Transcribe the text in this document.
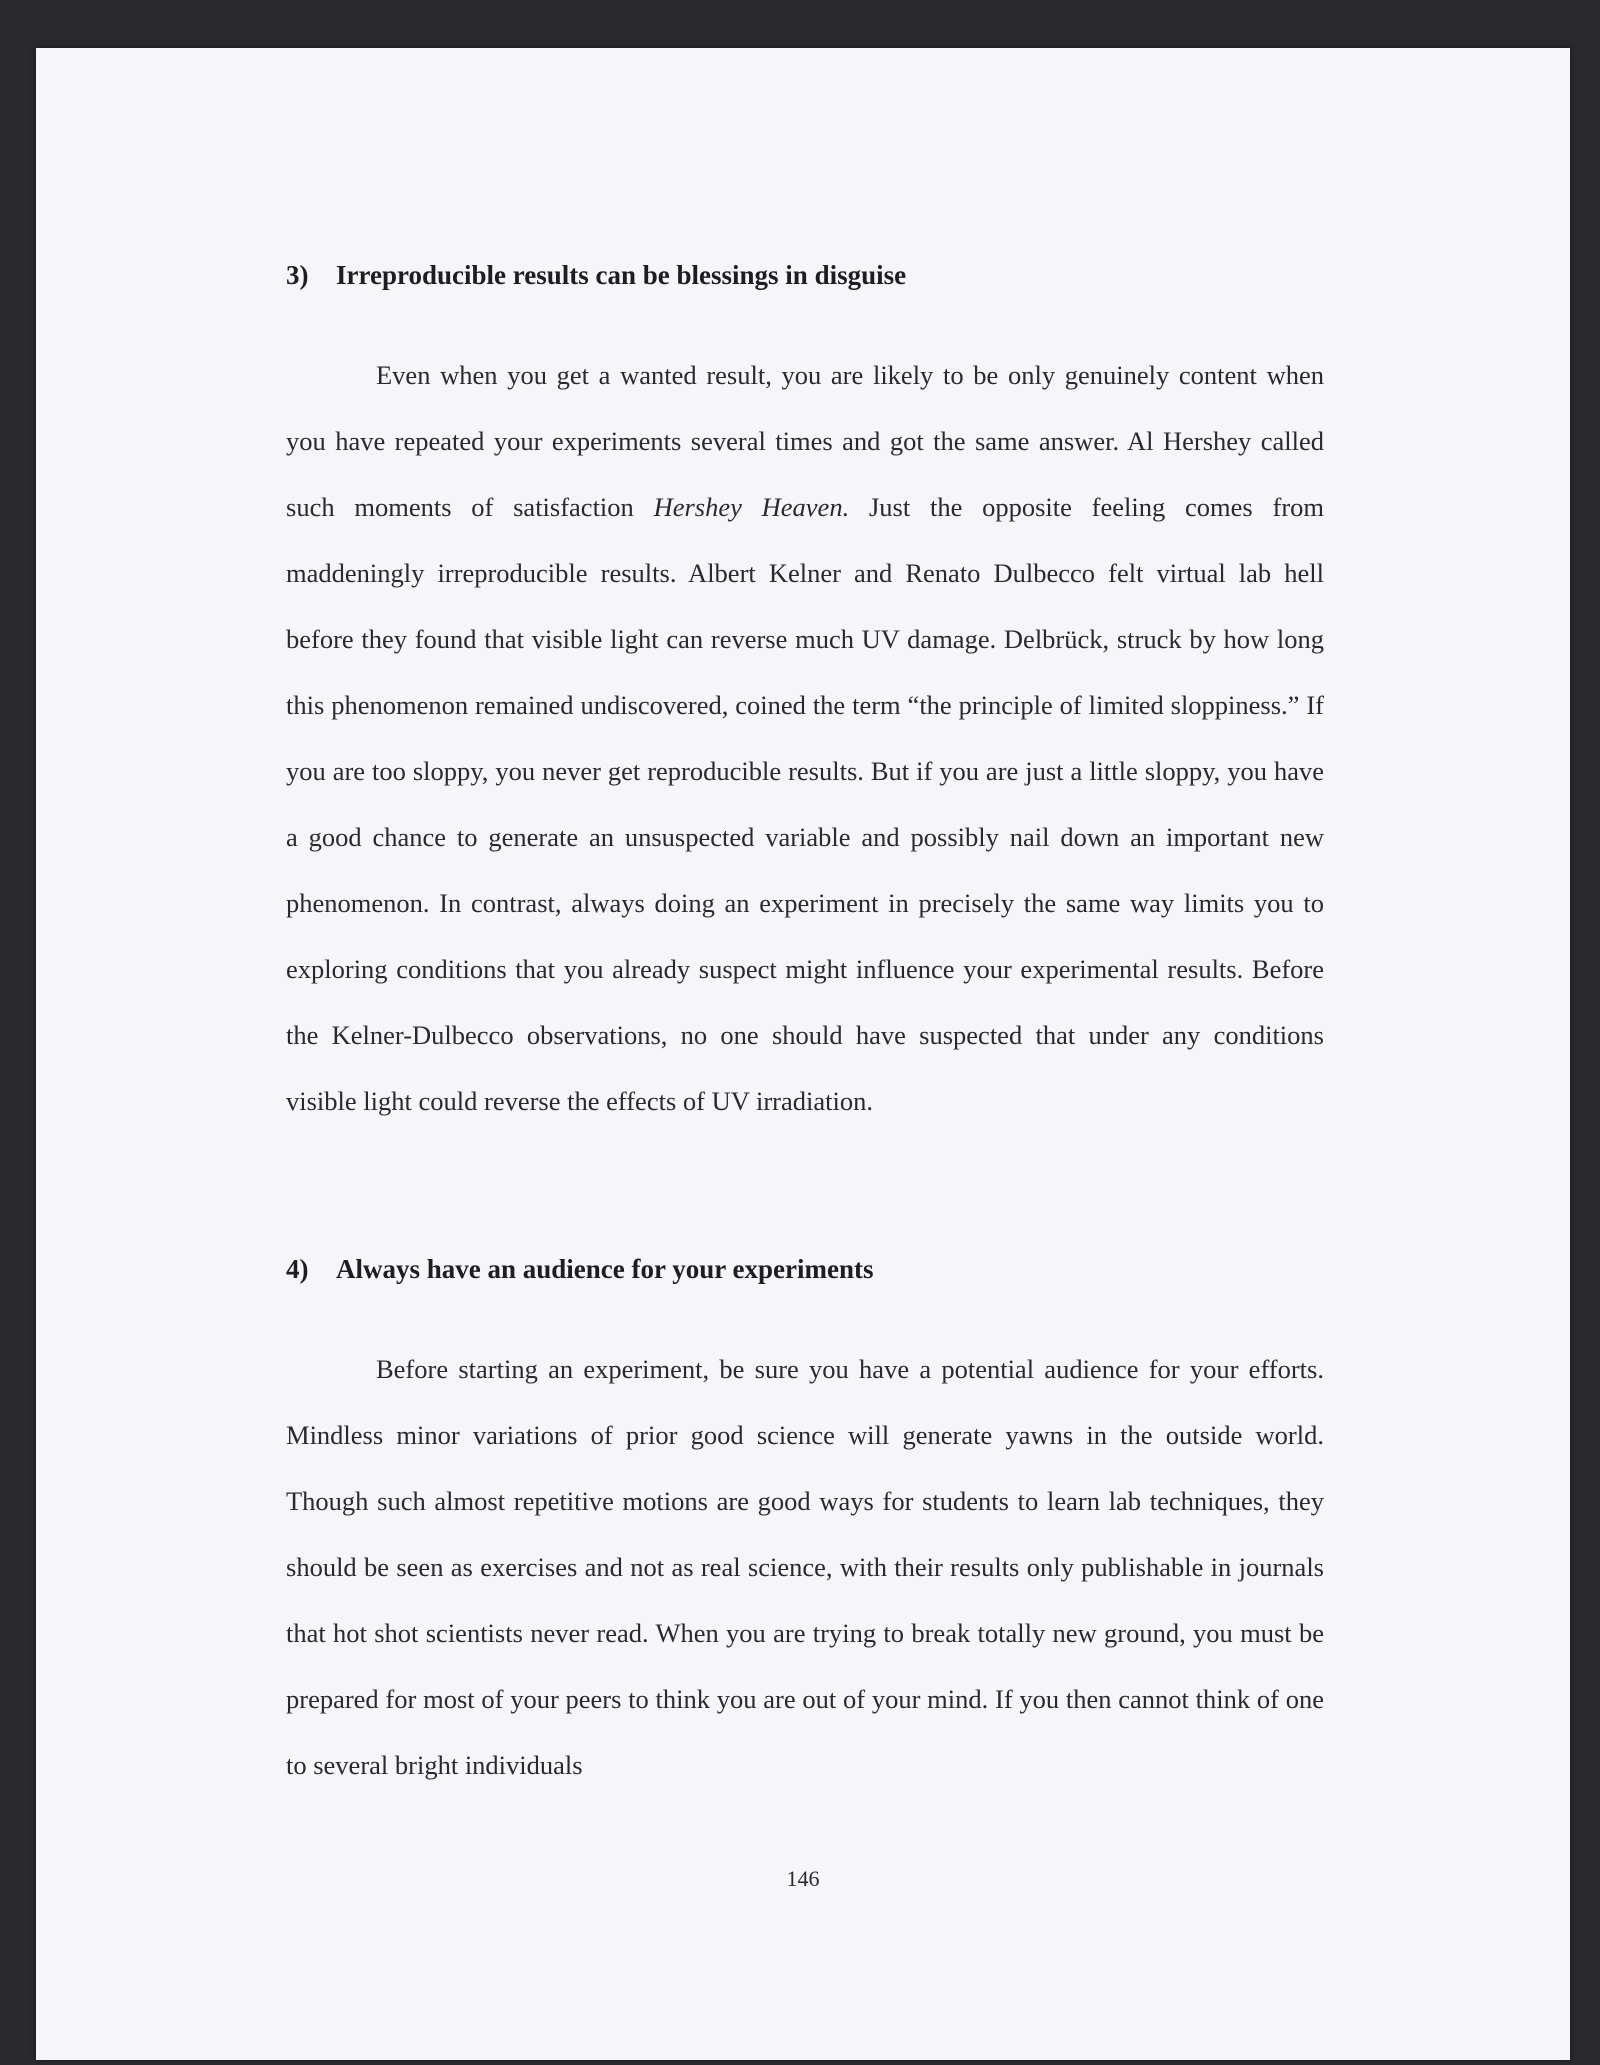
3) Irreproducible results can be blessings in disguise
Even when you get a wanted result, you are likely to be only genuinely content when you have repeated your experiments several times and got the same answer. Al Hershey called such moments of satisfaction Hershey Heaven. Just the opposite feeling comes from maddeningly irreproducible results. Albert Kelner and Renato Dulbecco felt virtual lab hell before they found that visible light can reverse much UV damage. Delbrück, struck by how long this phenomenon remained undiscovered, coined the term “the principle of limited sloppiness.” If you are too sloppy, you never get reproducible results. But if you are just a little sloppy, you have a good chance to generate an unsuspected variable and possibly nail down an important new phenomenon. In contrast, always doing an experiment in precisely the same way limits you to exploring conditions that you already suspect might influence your experimental results. Before the Kelner-Dulbecco observations, no one should have suspected that under any conditions visible light could reverse the effects of UV irradiation.
4) Always have an audience for your experiments
Before starting an experiment, be sure you have a potential audience for your efforts. Mindless minor variations of prior good science will generate yawns in the outside world. Though such almost repetitive motions are good ways for students to learn lab techniques, they should be seen as exercises and not as real science, with their results only publishable in journals that hot shot scientists never read. When you are trying to break totally new ground, you must be prepared for most of your peers to think you are out of your mind. If you then cannot think of one to several bright individuals
146
